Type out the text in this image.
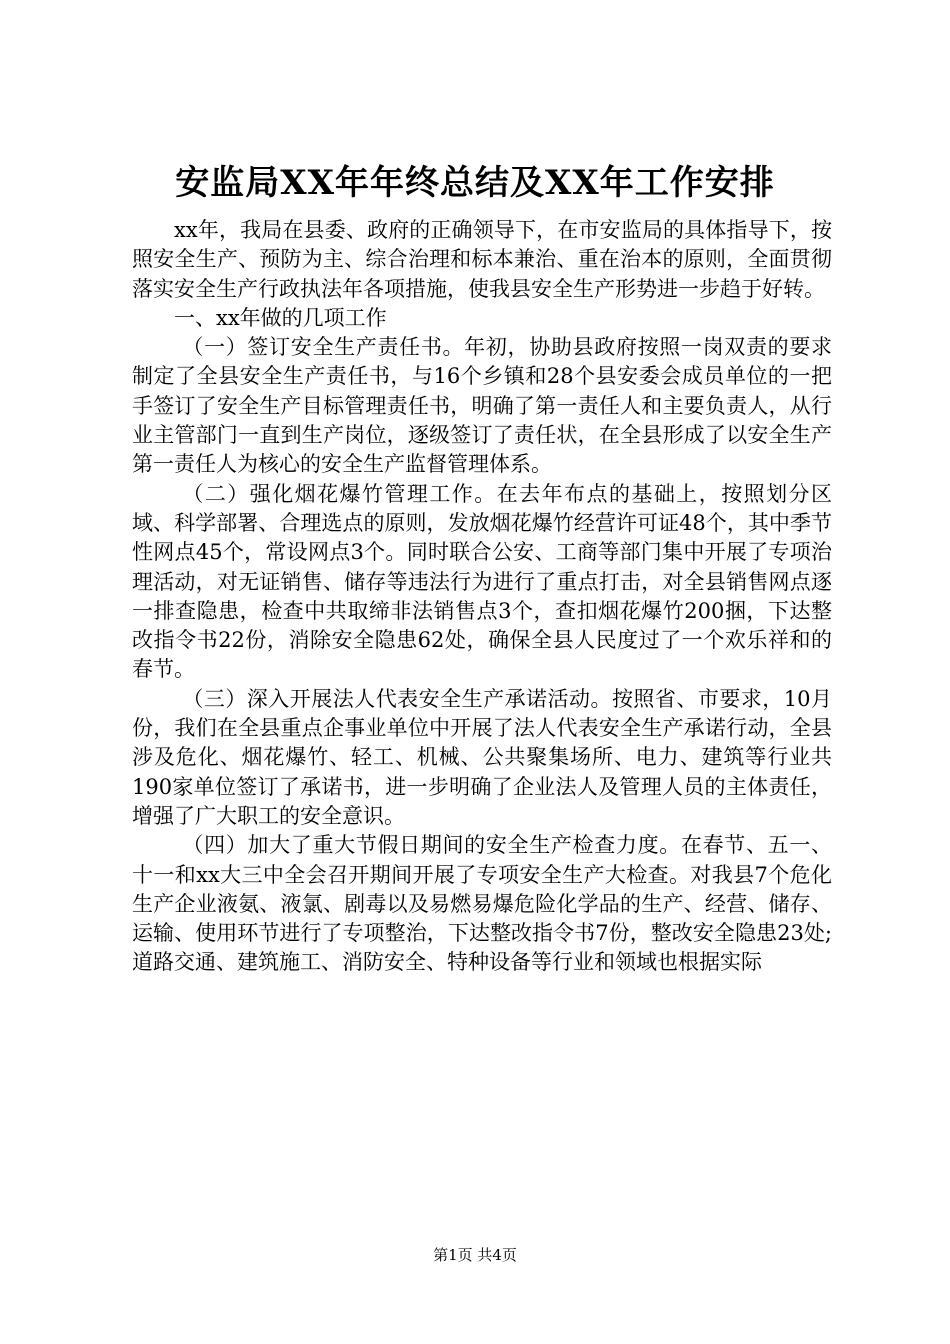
安监局XX年年终总结及XX年工作安排

xx年，我局在县委、政府的正确领导下，在市安监局的具体指导下，按照安全生产、预防为主、综合治理和标本兼治、重在治本的原则，全面贯彻落实安全生产行政执法年各项措施，使我县安全生产形势进一步趋于好转。

一、xx年做的几项工作

（一）签订安全生产责任书。年初，协助县政府按照一岗双责的要求制定了全县安全生产责任书，与16个乡镇和28个县安委会成员单位的一把手签订了安全生产目标管理责任书，明确了第一责任人和主要负责人，从行业主管部门一直到生产岗位，逐级签订了责任状，在全县形成了以安全生产第一责任人为核心的安全生产监督管理体系。

（二）强化烟花爆竹管理工作。在去年布点的基础上，按照划分区域、科学部署、合理选点的原则，发放烟花爆竹经营许可证48个，其中季节性网点45个，常设网点3个。同时联合公安、工商等部门集中开展了专项治理活动，对无证销售、储存等违法行为进行了重点打击，对全县销售网点逐一排查隐患，检查中共取缔非法销售点3个，查扣烟花爆竹200捆，下达整改指令书22份，消除安全隐患62处，确保全县人民度过了一个欢乐祥和的春节。

（三）深入开展法人代表安全生产承诺活动。按照省、市要求，10月份，我们在全县重点企事业单位中开展了法人代表安全生产承诺行动，全县涉及危化、烟花爆竹、轻工、机械、公共聚集场所、电力、建筑等行业共190家单位签订了承诺书，进一步明确了企业法人及管理人员的主体责任，增强了广大职工的安全意识。

（四）加大了重大节假日期间的安全生产检查力度。在春节、五一、十一和xx大三中全会召开期间开展了专项安全生产大检查。对我县7个危化生产企业液氨、液氯、剧毒以及易燃易爆危险化学品的生产、经营、储存、运输、使用环节进行了专项整治，下达整改指令书7份，整改安全隐患23处;道路交通、建筑施工、消防安全、特种设备等行业和领域也根据实际

第1页 共4页
